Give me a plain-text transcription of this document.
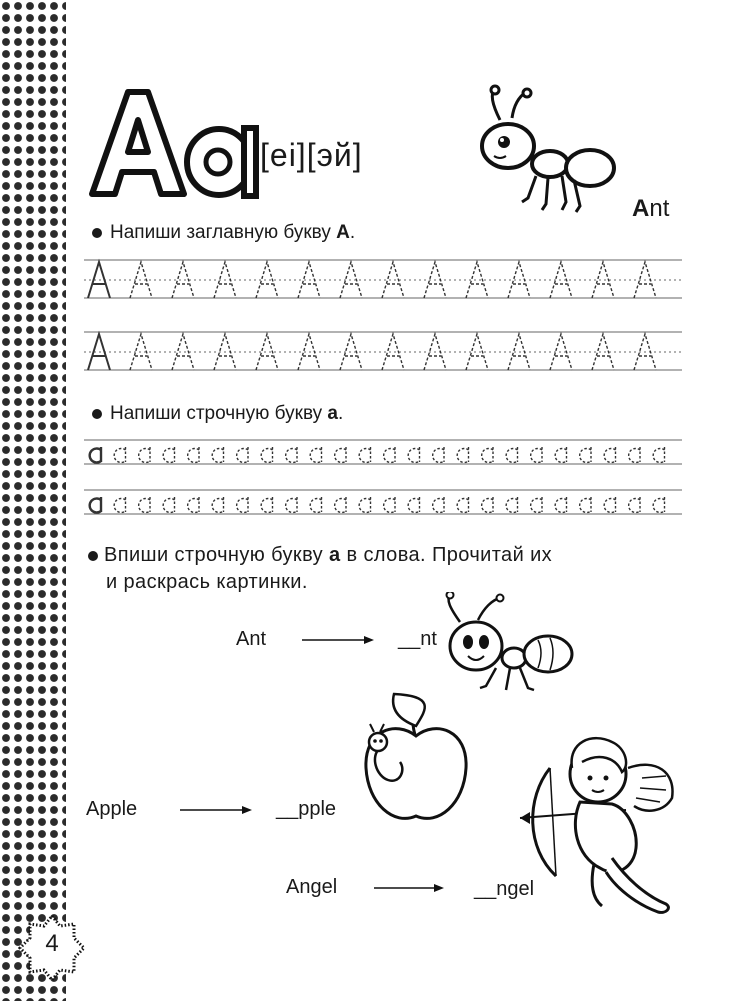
[ei][эй]
Ant
Напиши заглавную букву A.
Напиши строчную букву a.
Впиши строчную букву а в слова. Прочитай их
и раскрась картинки.
Ant	__nt
Apple	__pple
Angel	__ngel
4
